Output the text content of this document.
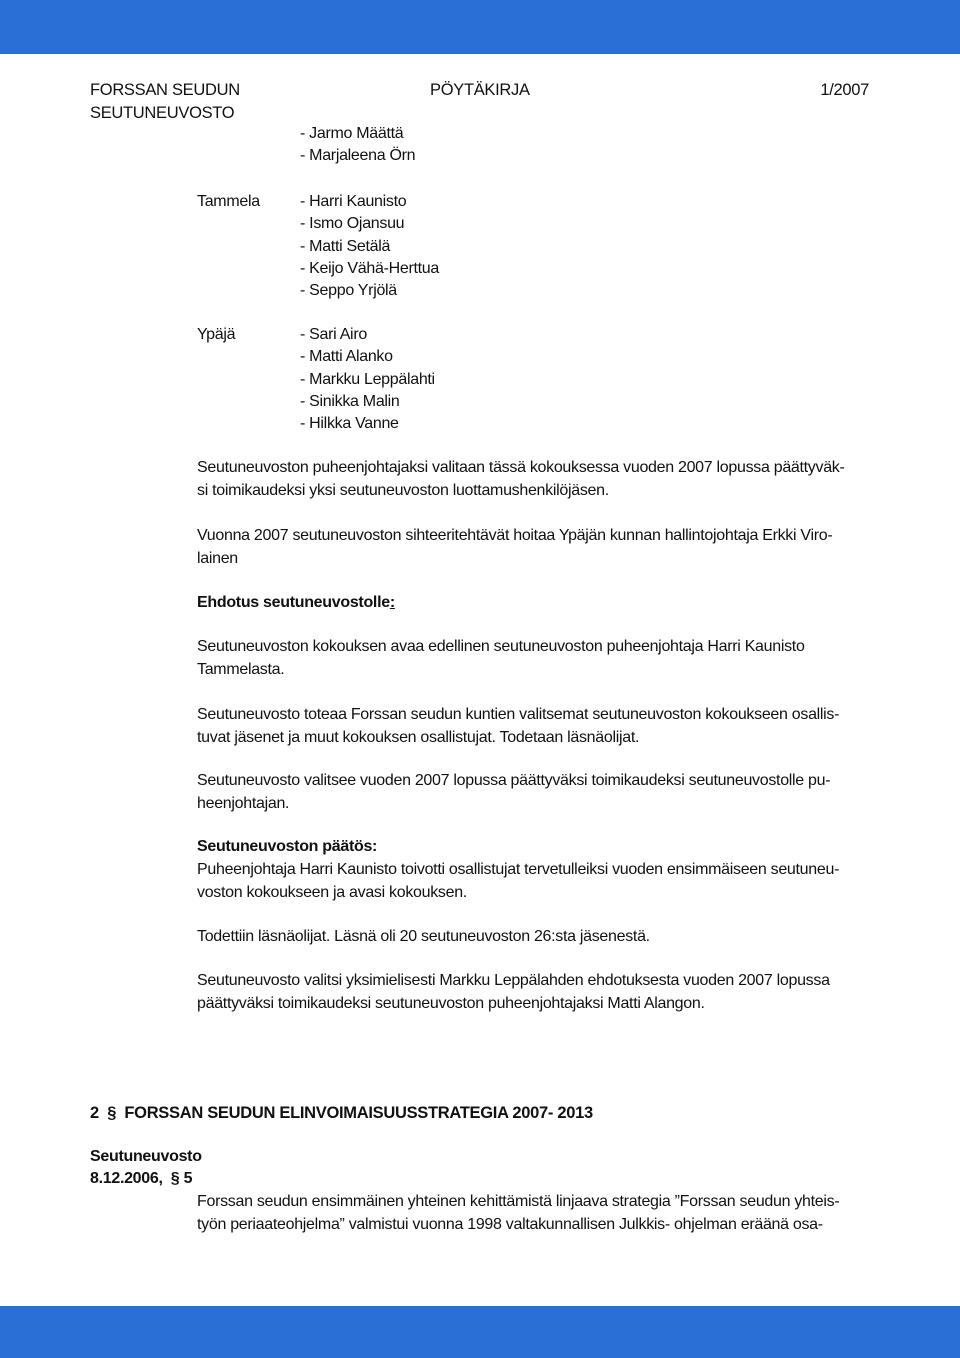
FORSSAN SEUDUN
SEUTUNEUVOSTO
PÖYTÄKIRJA	1/2007
- Jarmo Määttä
- Marjaleena Örn
Tammela	- Harri Kaunisto
- Ismo Ojansuu
- Matti Setälä
- Keijo Vähä-Herttua
- Seppo Yrjölä
Ypäjä	- Sari Airo
- Matti Alanko
- Markku Leppälahti
- Sinikka Malin
- Hilkka Vanne
Seutuneuvoston puheenjohtajaksi valitaan tässä kokouksessa vuoden 2007 lopussa päättyväk-
si toimikaudeksi yksi seutuneuvoston luottamushenkilöjäsen.
Vuonna 2007 seutuneuvoston sihteeritehtävät hoitaa Ypäjän kunnan hallintojohtaja Erkki Viro-
lainen
Ehdotus seutuneuvostolle:
Seutuneuvoston kokouksen avaa edellinen seutuneuvoston puheenjohtaja Harri Kaunisto
Tammelasta.
Seutuneuvosto toteaa Forssan seudun kuntien valitsemat seutuneuvoston kokoukseen osallis-
tuvat jäsenet ja muut kokouksen osallistujat. Todetaan läsnäolijat.
Seutuneuvosto valitsee vuoden 2007 lopussa päättyväksi toimikaudeksi seutuneuvostolle pu-
heenjohtajan.
Seutuneuvoston päätös:
Puheenjohtaja Harri Kaunisto toivotti osallistujat tervetulleiksi vuoden ensimmäiseen seutuneu-
voston kokoukseen ja avasi kokouksen.
Todettiin läsnäolijat. Läsnä oli 20 seutuneuvoston 26:sta jäsenestä.
Seutuneuvosto valitsi yksimielisesti Markku Leppälahden ehdotuksesta vuoden 2007 lopussa
päättyväksi toimikaudeksi seutuneuvoston puheenjohtajaksi Matti Alangon.
2 § FORSSAN SEUDUN ELINVOIMAISUUSSTRATEGIA 2007- 2013
Seutuneuvosto
8.12.2006, § 5
Forssan seudun ensimmäinen yhteinen kehittämistä linjaava strategia ”Forssan seudun yhteis-
työn periaateohjelma” valmistui vuonna 1998 valtakunnallisen Julkkis- ohjelman eräänä osa-
